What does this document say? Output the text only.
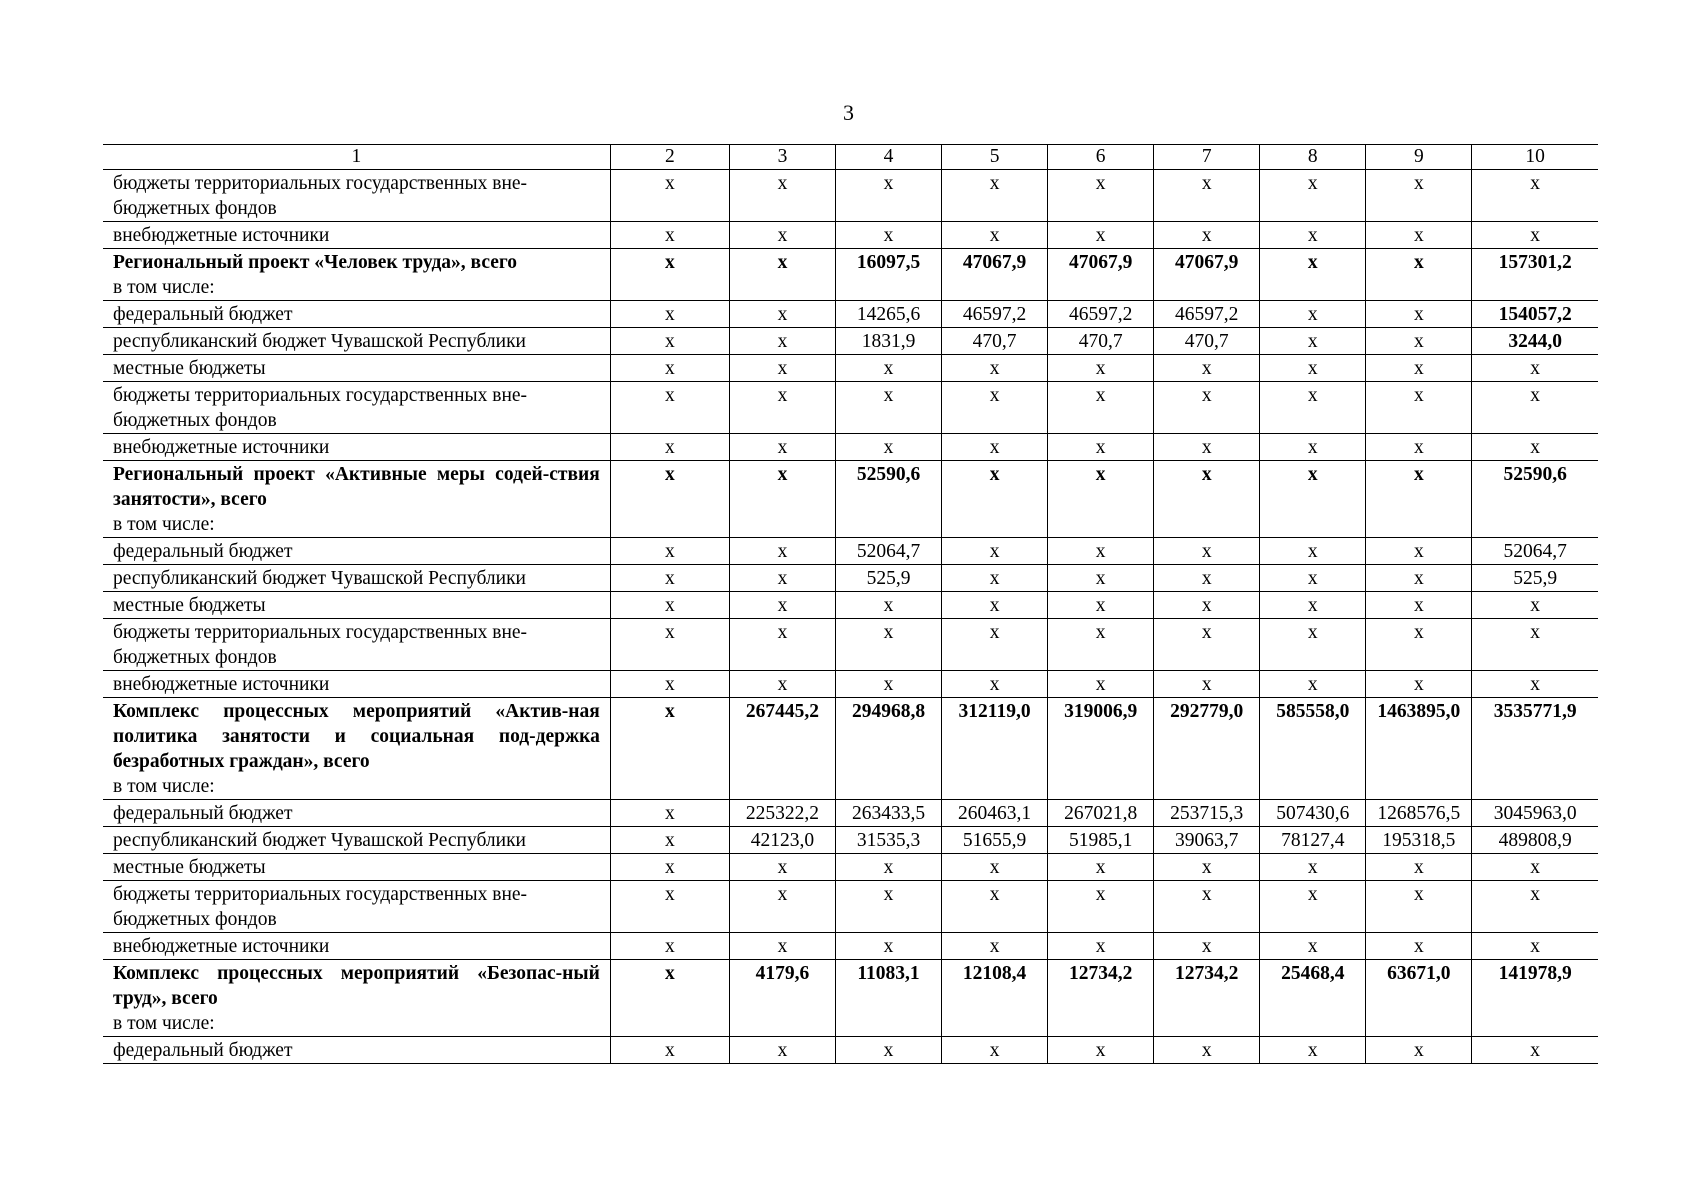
3
1	2	3	4	5	6	7	8	9	10
бюджеты территориальных государственных вне-бюджетных фондов	х	х	х	х	х	х	х	х	х
внебюджетные источники	х	х	х	х	х	х	х	х	х
Региональный проект «Человек труда», всего
в том числе:	х	х	16097,5	47067,9	47067,9	47067,9	х	х	157301,2
федеральный бюджет	х	х	14265,6	46597,2	46597,2	46597,2	х	х	154057,2
республиканский бюджет Чувашской Республики	х	х	1831,9	470,7	470,7	470,7	х	х	3244,0
местные бюджеты	х	х	х	х	х	х	х	х	х
бюджеты территориальных государственных вне-бюджетных фондов	х	х	х	х	х	х	х	х	х
внебюджетные источники	х	х	х	х	х	х	х	х	х
Региональный проект «Активные меры содей-ствия занятости», всего
в том числе:	х	х	52590,6	х	х	х	х	х	52590,6
федеральный бюджет	х	х	52064,7	х	х	х	х	х	52064,7
республиканский бюджет Чувашской Республики	х	х	525,9	х	х	х	х	х	525,9
местные бюджеты	х	х	х	х	х	х	х	х	х
бюджеты территориальных государственных вне-бюджетных фондов	х	х	х	х	х	х	х	х	х
внебюджетные источники	х	х	х	х	х	х	х	х	х
Комплекс процессных мероприятий «Актив-ная политика занятости и социальная под-держка безработных граждан», всего
в том числе:	х	267445,2	294968,8	312119,0	319006,9	292779,0	585558,0	1463895,0	3535771,9
федеральный бюджет	х	225322,2	263433,5	260463,1	267021,8	253715,3	507430,6	1268576,5	3045963,0
республиканский бюджет Чувашской Республики	х	42123,0	31535,3	51655,9	51985,1	39063,7	78127,4	195318,5	489808,9
местные бюджеты	х	х	х	х	х	х	х	х	х
бюджеты территориальных государственных вне-бюджетных фондов	х	х	х	х	х	х	х	х	х
внебюджетные источники	х	х	х	х	х	х	х	х	х
Комплекс процессных мероприятий «Безопас-ный труд», всего
в том числе:	х	4179,6	11083,1	12108,4	12734,2	12734,2	25468,4	63671,0	141978,9
федеральный бюджет	х	х	х	х	х	х	х	х	х
